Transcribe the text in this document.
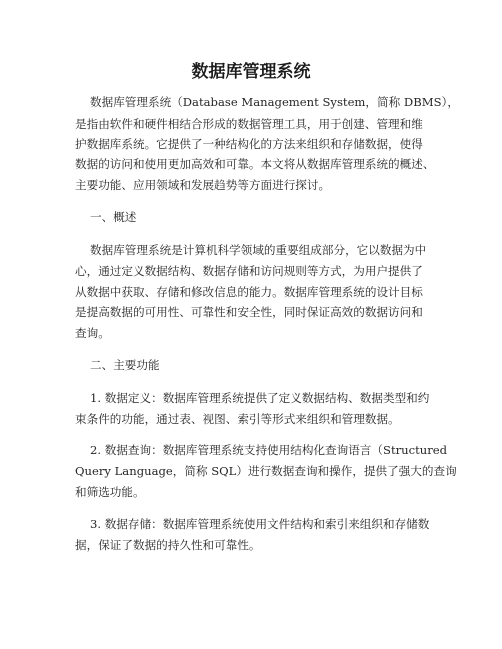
数据库管理系统
数据库管理系统（Database Management System，简称 DBMS），
是指由软件和硬件相结合形成的数据管理工具，用于创建、管理和维
护数据库系统。它提供了一种结构化的方法来组织和存储数据，使得
数据的访问和使用更加高效和可靠。本文将从数据库管理系统的概述、
主要功能、应用领域和发展趋势等方面进行探讨。
一、概述
数据库管理系统是计算机科学领域的重要组成部分，它以数据为中
心，通过定义数据结构、数据存储和访问规则等方式，为用户提供了
从数据中获取、存储和修改信息的能力。数据库管理系统的设计目标
是提高数据的可用性、可靠性和安全性，同时保证高效的数据访问和
查询。
二、主要功能
1. 数据定义：数据库管理系统提供了定义数据结构、数据类型和约
束条件的功能，通过表、视图、索引等形式来组织和管理数据。
2. 数据查询：数据库管理系统支持使用结构化查询语言（Structured
Query Language，简称 SQL）进行数据查询和操作，提供了强大的查询
和筛选功能。
3. 数据存储：数据库管理系统使用文件结构和索引来组织和存储数
据，保证了数据的持久性和可靠性。
